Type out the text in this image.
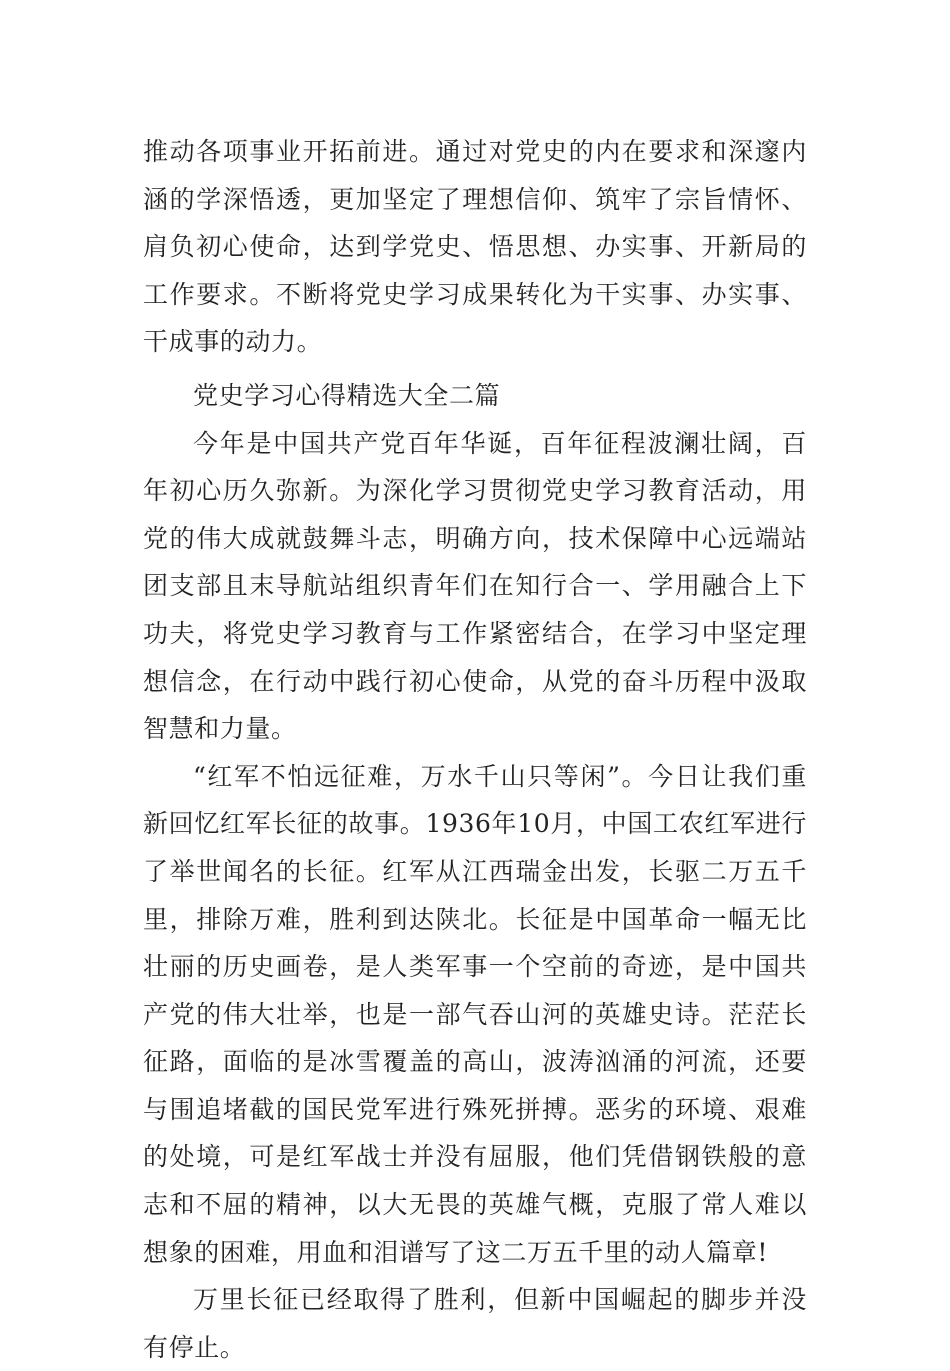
推动各项事业开拓前进。通过对党史的内在要求和深邃内涵的学深悟透，更加坚定了理想信仰、筑牢了宗旨情怀、肩负初心使命，达到学党史、悟思想、办实事、开新局的工作要求。不断将党史学习成果转化为干实事、办实事、干成事的动力。

党史学习心得精选大全二篇

今年是中国共产党百年华诞，百年征程波澜壮阔，百年初心历久弥新。为深化学习贯彻党史学习教育活动，用党的伟大成就鼓舞斗志，明确方向，技术保障中心远端站团支部且末导航站组织青年们在知行合一、学用融合上下功夫，将党史学习教育与工作紧密结合，在学习中坚定理想信念，在行动中践行初心使命，从党的奋斗历程中汲取智慧和力量。

“红军不怕远征难，万水千山只等闲”。今日让我们重新回忆红军长征的故事。1936年10月，中国工农红军进行了举世闻名的长征。红军从江西瑞金出发，长驱二万五千里，排除万难，胜利到达陕北。长征是中国革命一幅无比壮丽的历史画卷，是人类军事一个空前的奇迹，是中国共产党的伟大壮举，也是一部气吞山河的英雄史诗。茫茫长征路，面临的是冰雪覆盖的高山，波涛汹涌的河流，还要与围追堵截的国民党军进行殊死拼搏。恶劣的环境、艰难的处境，可是红军战士并没有屈服，他们凭借钢铁般的意志和不屈的精神，以大无畏的英雄气概，克服了常人难以想象的困难，用血和泪谱写了这二万五千里的动人篇章!

万里长征已经取得了胜利，但新中国崛起的脚步并没有停止。
